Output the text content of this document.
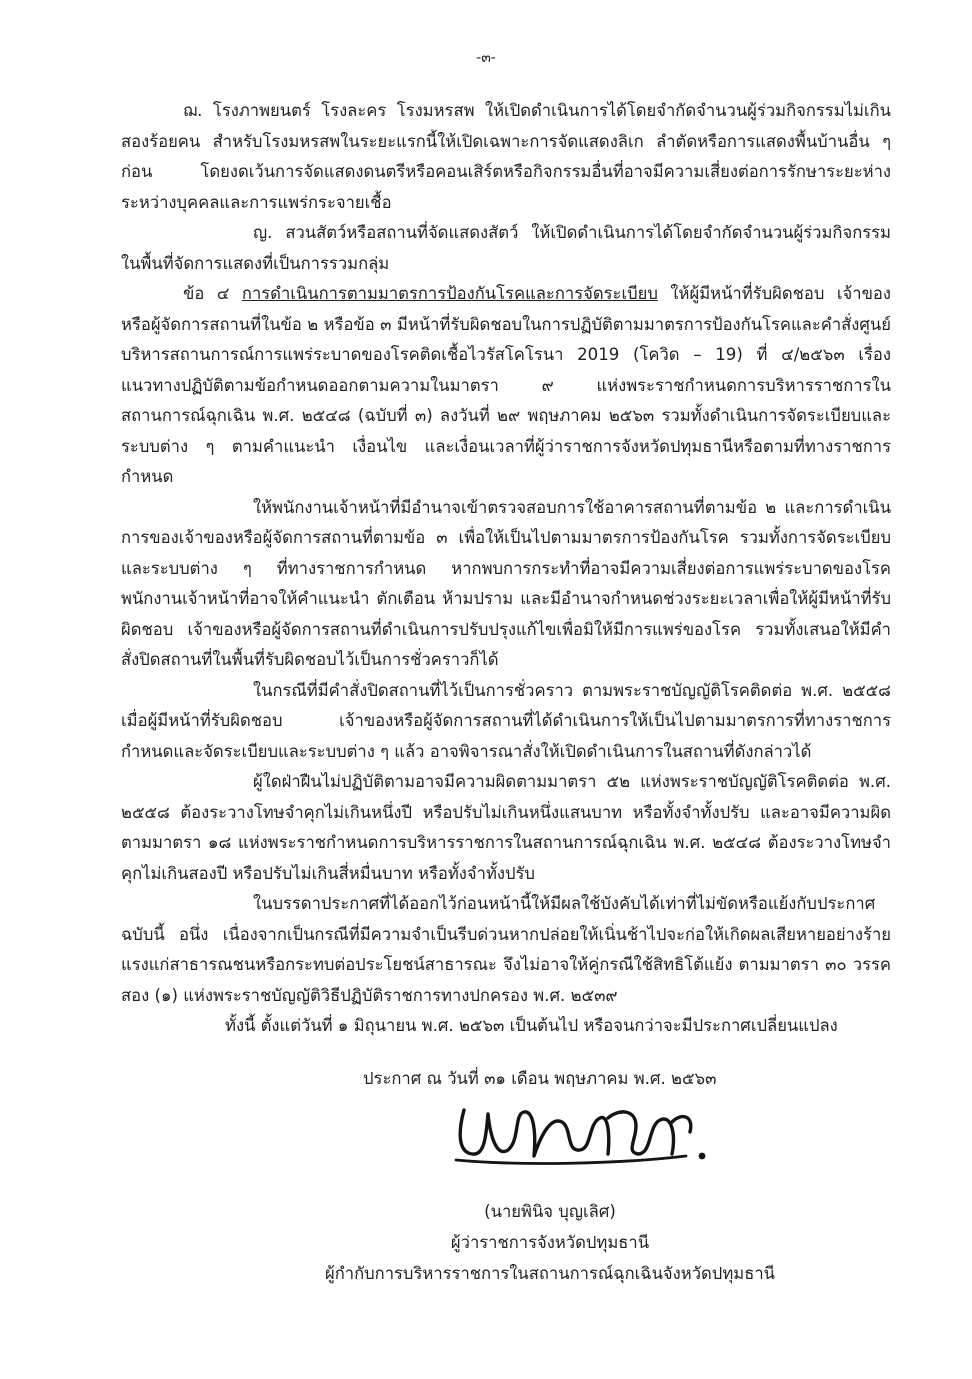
-๓-

ฌ. โรงภาพยนตร์ โรงละคร โรงมหรสพ ให้เปิดดำเนินการได้โดยจำกัดจำนวนผู้ร่วมกิจกรรมไม่เกินสองร้อยคน สำหรับโรงมหรสพในระยะแรกนี้ให้เปิดเฉพาะการจัดแสดงลิเก ลำตัดหรือการแสดงพื้นบ้านอื่น ๆ ก่อน โดยงดเว้นการจัดแสดงดนตรีหรือคอนเสิร์ตหรือกิจกรรมอื่นที่อาจมีความเสี่ยงต่อการรักษาระยะห่างระหว่างบุคคลและการแพร่กระจายเชื้อ

ญ. สวนสัตว์หรือสถานที่จัดแสดงสัตว์ ให้เปิดดำเนินการได้โดยจำกัดจำนวนผู้ร่วมกิจกรรมในพื้นที่จัดการแสดงที่เป็นการรวมกลุ่ม

ข้อ ๔ การดำเนินการตามมาตรการป้องกันโรคและการจัดระเบียบ ให้ผู้มีหน้าที่รับผิดชอบ เจ้าของ หรือผู้จัดการสถานที่ในข้อ ๒ หรือข้อ ๓ มีหน้าที่รับผิดชอบในการปฏิบัติตามมาตรการป้องกันโรคและคำสั่งศูนย์บริหารสถานการณ์การแพร่ระบาดของโรคติดเชื้อไวรัสโคโรนา 2019 (โควิด – 19) ที่ ๔/๒๕๖๓ เรื่อง แนวทางปฏิบัติตามข้อกำหนดออกตามความในมาตรา ๙ แห่งพระราชกำหนดการบริหารราชการในสถานการณ์ฉุกเฉิน พ.ศ. ๒๕๔๘ (ฉบับที่ ๓) ลงวันที่ ๒๙ พฤษภาคม ๒๕๖๓ รวมทั้งดำเนินการจัดระเบียบและระบบต่าง ๆ ตามคำแนะนำ เงื่อนไข และเงื่อนเวลาที่ผู้ว่าราชการจังหวัดปทุมธานีหรือตามที่ทางราชการกำหนด

ให้พนักงานเจ้าหน้าที่มีอำนาจเข้าตรวจสอบการใช้อาคารสถานที่ตามข้อ ๒ และการดำเนินการของเจ้าของหรือผู้จัดการสถานที่ตามข้อ ๓ เพื่อให้เป็นไปตามมาตรการป้องกันโรค รวมทั้งการจัดระเบียบและระบบต่าง ๆ ที่ทางราชการกำหนด หากพบการกระทำที่อาจมีความเสี่ยงต่อการแพร่ระบาดของโรค พนักงานเจ้าหน้าที่อาจให้คำแนะนำ ตักเตือน ห้ามปราม และมีอำนาจกำหนดช่วงระยะเวลาเพื่อให้ผู้มีหน้าที่รับผิดชอบ เจ้าของหรือผู้จัดการสถานที่ดำเนินการปรับปรุงแก้ไขเพื่อมิให้มีการแพร่ของโรค รวมทั้งเสนอให้มีคำสั่งปิดสถานที่ในพื้นที่รับผิดชอบไว้เป็นการชั่วคราวก็ได้

ในกรณีที่มีคำสั่งปิดสถานที่ไว้เป็นการชั่วคราว ตามพระราชบัญญัติโรคติดต่อ พ.ศ. ๒๕๕๘ เมื่อผู้มีหน้าที่รับผิดชอบ เจ้าของหรือผู้จัดการสถานที่ได้ดำเนินการให้เป็นไปตามมาตรการที่ทางราชการกำหนดและจัดระเบียบและระบบต่าง ๆ แล้ว อาจพิจารณาสั่งให้เปิดดำเนินการในสถานที่ดังกล่าวได้

ผู้ใดฝ่าฝืนไม่ปฏิบัติตามอาจมีความผิดตามมาตรา ๕๒ แห่งพระราชบัญญัติโรคติดต่อ พ.ศ. ๒๕๕๘ ต้องระวางโทษจำคุกไม่เกินหนึ่งปี หรือปรับไม่เกินหนึ่งแสนบาท หรือทั้งจำทั้งปรับ และอาจมีความผิดตามมาตรา ๑๘ แห่งพระราชกำหนดการบริหารราชการในสถานการณ์ฉุกเฉิน พ.ศ. ๒๕๔๘ ต้องระวางโทษจำคุกไม่เกินสองปี หรือปรับไม่เกินสี่หมื่นบาท หรือทั้งจำทั้งปรับ

ในบรรดาประกาศที่ได้ออกไว้ก่อนหน้านี้ให้มีผลใช้บังคับได้เท่าที่ไม่ขัดหรือแย้งกับประกาศฉบับนี้ อนึ่ง เนื่องจากเป็นกรณีที่มีความจำเป็นรีบด่วนหากปล่อยให้เนิ่นช้าไปจะก่อให้เกิดผลเสียหายอย่างร้ายแรงแก่สาธารณชนหรือกระทบต่อประโยชน์สาธารณะ จึงไม่อาจให้คู่กรณีใช้สิทธิโต้แย้ง ตามมาตรา ๓๐ วรรคสอง (๑) แห่งพระราชบัญญัติวิธีปฏิบัติราชการทางปกครอง พ.ศ. ๒๕๓๙

ทั้งนี้ ตั้งแต่วันที่ ๑ มิถุนายน พ.ศ. ๒๕๖๓ เป็นต้นไป หรือจนกว่าจะมีประกาศเปลี่ยนแปลง

ประกาศ ณ วันที่ ๓๑ เดือน พฤษภาคม พ.ศ. ๒๕๖๓
(นายพินิจ บุญเลิศ)
ผู้ว่าราชการจังหวัดปทุมธานี
ผู้กำกับการบริหารราชการในสถานการณ์ฉุกเฉินจังหวัดปทุมธานี
